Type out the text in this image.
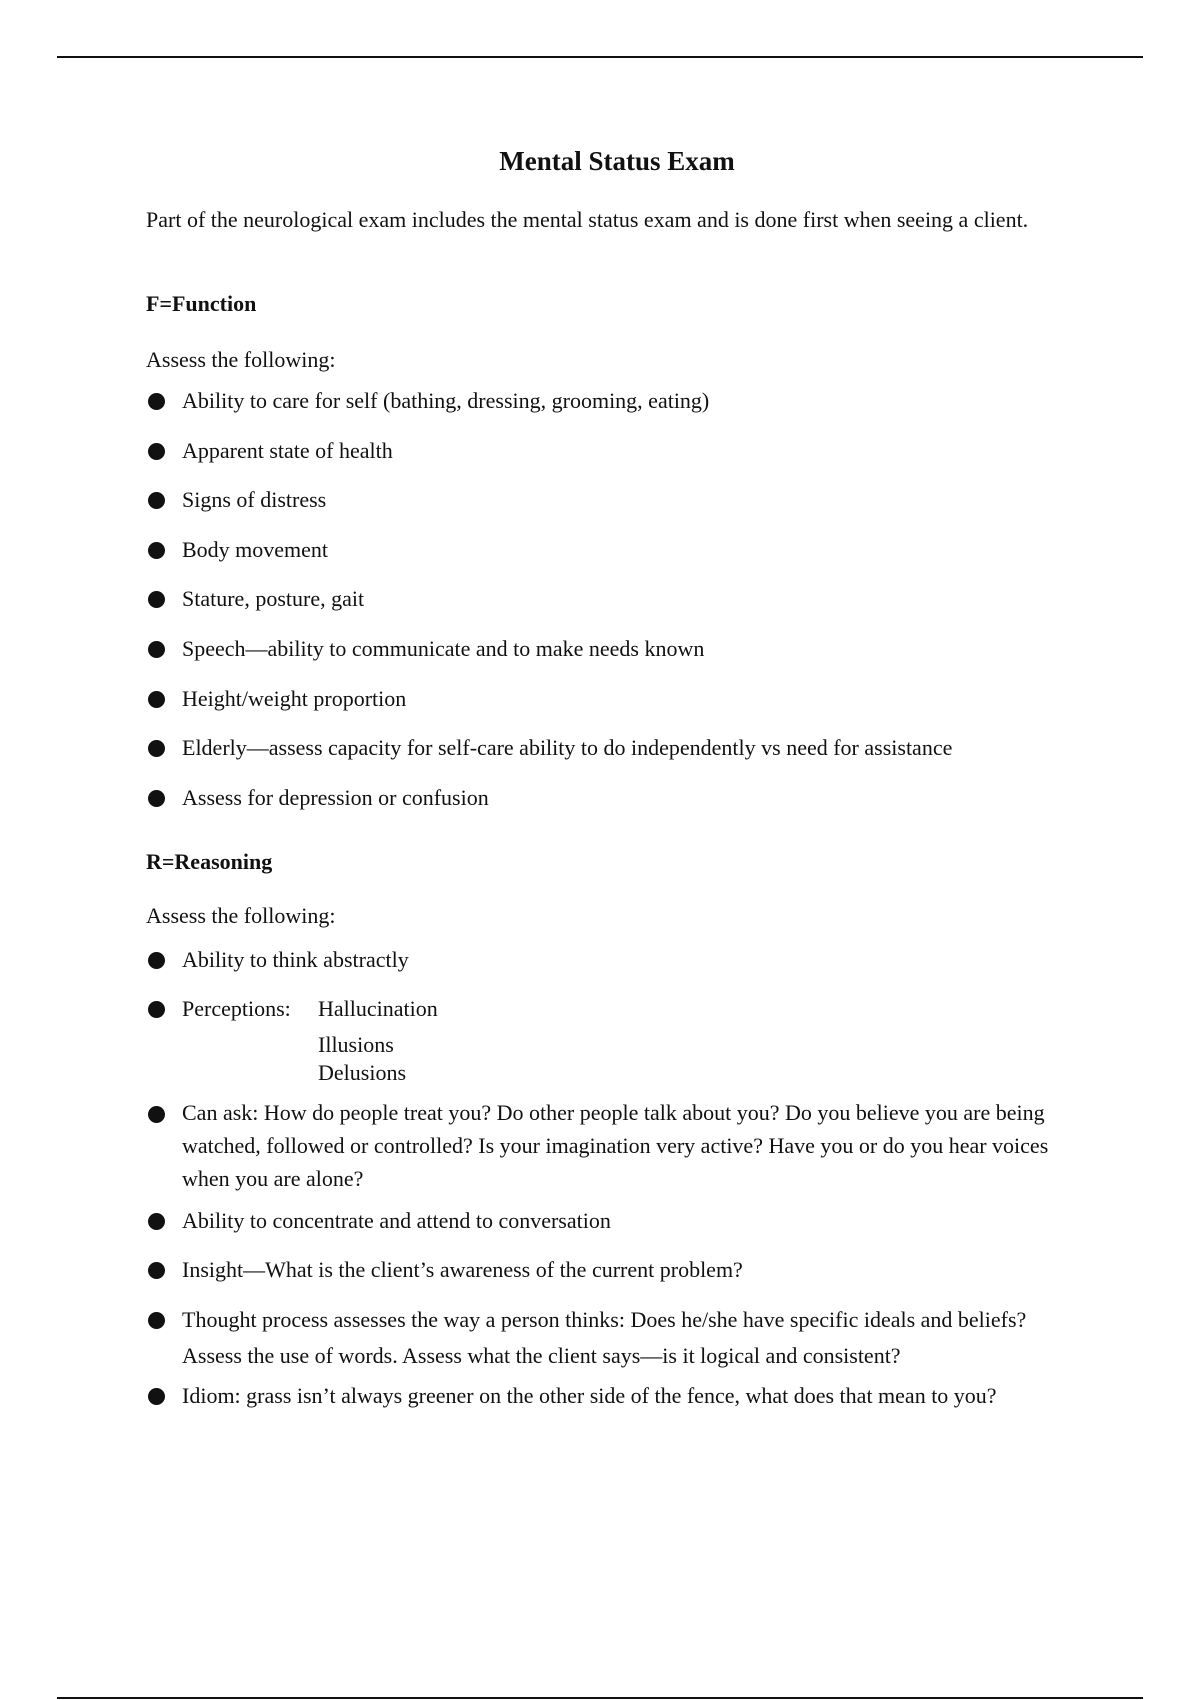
Mental Status Exam
Part of the neurological exam includes the mental status exam and is done first when seeing a client.
F=Function
Assess the following:
Ability to care for self (bathing, dressing, grooming, eating)
Apparent state of health
Signs of distress
Body movement
Stature, posture, gait
Speech—ability to communicate and to make needs known
Height/weight proportion
Elderly—assess capacity for self-care ability to do independently vs need for assistance
Assess for depression or confusion
R=Reasoning
Assess the following:
Ability to think abstractly
Perceptions: Hallucination
Illusions
Delusions
Can ask: How do people treat you? Do other people talk about you? Do you believe you are being watched, followed or controlled? Is your imagination very active? Have you or do you hear voices when you are alone?
Ability to concentrate and attend to conversation
Insight—What is the client’s awareness of the current problem?
Thought process assesses the way a person thinks: Does he/she have specific ideals and beliefs? Assess the use of words. Assess what the client says—is it logical and consistent?
Idiom: grass isn’t always greener on the other side of the fence, what does that mean to you?
